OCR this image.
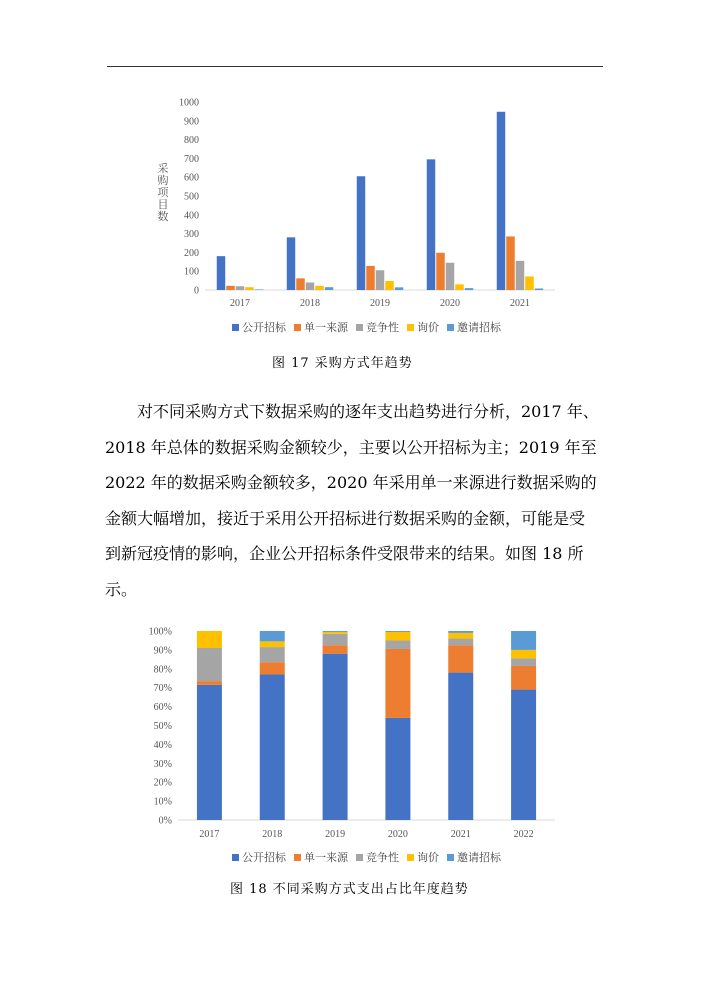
0
100
200
300
400
500
600
700
800
900
1000
采
购
项
目
数
2017	2018	2019	2020	2021
公开招标 单一来源 竞争性 询价 邀请招标
图 17 采购方式年趋势
对不同采购方式下数据采购的逐年支出趋势进行分析，2017 年、
2018 年总体的数据采购金额较少，主要以公开招标为主；2019 年至
2022 年的数据采购金额较多，2020 年采用单一来源进行数据采购的
金额大幅增加，接近于采用公开招标进行数据采购的金额，可能是受
到新冠疫情的影响，企业公开招标条件受限带来的结果。如图 18 所
示。
0%
10%
20%
30%
40%
50%
60%
70%
80%
90%
100%
2017	2018	2019	2020	2021	2022
公开招标 单一来源 竞争性 询价 邀请招标
图 18 不同采购方式支出占比年度趋势
